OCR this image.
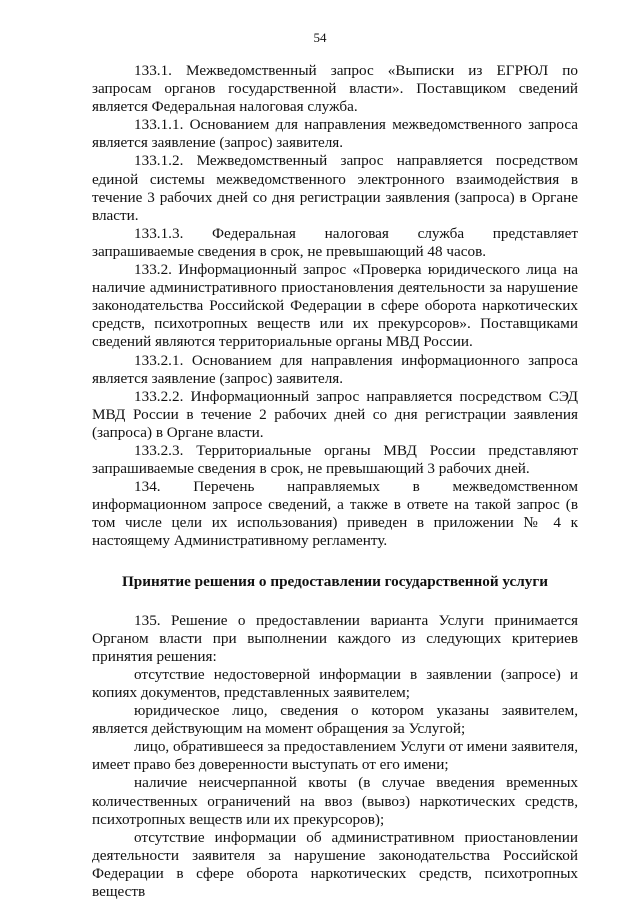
54

133.1. Межведомственный запрос «Выписки из ЕГРЮЛ по запросам органов государственной власти». Поставщиком сведений является Федеральная налоговая служба.

133.1.1. Основанием для направления межведомственного запроса является заявление (запрос) заявителя.

133.1.2. Межведомственный запрос направляется посредством единой системы межведомственного электронного взаимодействия в течение 3 рабочих дней со дня регистрации заявления (запроса) в Органе власти.

133.1.3. Федеральная налоговая служба представляет запрашиваемые сведения в срок, не превышающий 48 часов.

133.2. Информационный запрос «Проверка юридического лица на наличие административного приостановления деятельности за нарушение законодательства Российской Федерации в сфере оборота наркотических средств, психотропных веществ или их прекурсоров». Поставщиками сведений являются территориальные органы МВД России.

133.2.1. Основанием для направления информационного запроса является заявление (запрос) заявителя.

133.2.2. Информационный запрос направляется посредством СЭД МВД России в течение 2 рабочих дней со дня регистрации заявления (запроса) в Органе власти.

133.2.3. Территориальные органы МВД России представляют запрашиваемые сведения в срок, не превышающий 3 рабочих дней.

134. Перечень направляемых в межведомственном информационном запросе сведений, а также в ответе на такой запрос (в том числе цели их использования) приведен в приложении № 4 к настоящему Административному регламенту.

Принятие решения о предоставлении государственной услуги

135. Решение о предоставлении варианта Услуги принимается Органом власти при выполнении каждого из следующих критериев принятия решения:

отсутствие недостоверной информации в заявлении (запросе) и копиях документов, представленных заявителем;

юридическое лицо, сведения о котором указаны заявителем, является действующим на момент обращения за Услугой;

лицо, обратившееся за предоставлением Услуги от имени заявителя, имеет право без доверенности выступать от его имени;

наличие неисчерпанной квоты (в случае введения временных количественных ограничений на ввоз (вывоз) наркотических средств, психотропных веществ или их прекурсоров);

отсутствие информации об административном приостановлении деятельности заявителя за нарушение законодательства Российской Федерации в сфере оборота наркотических средств, психотропных веществ
